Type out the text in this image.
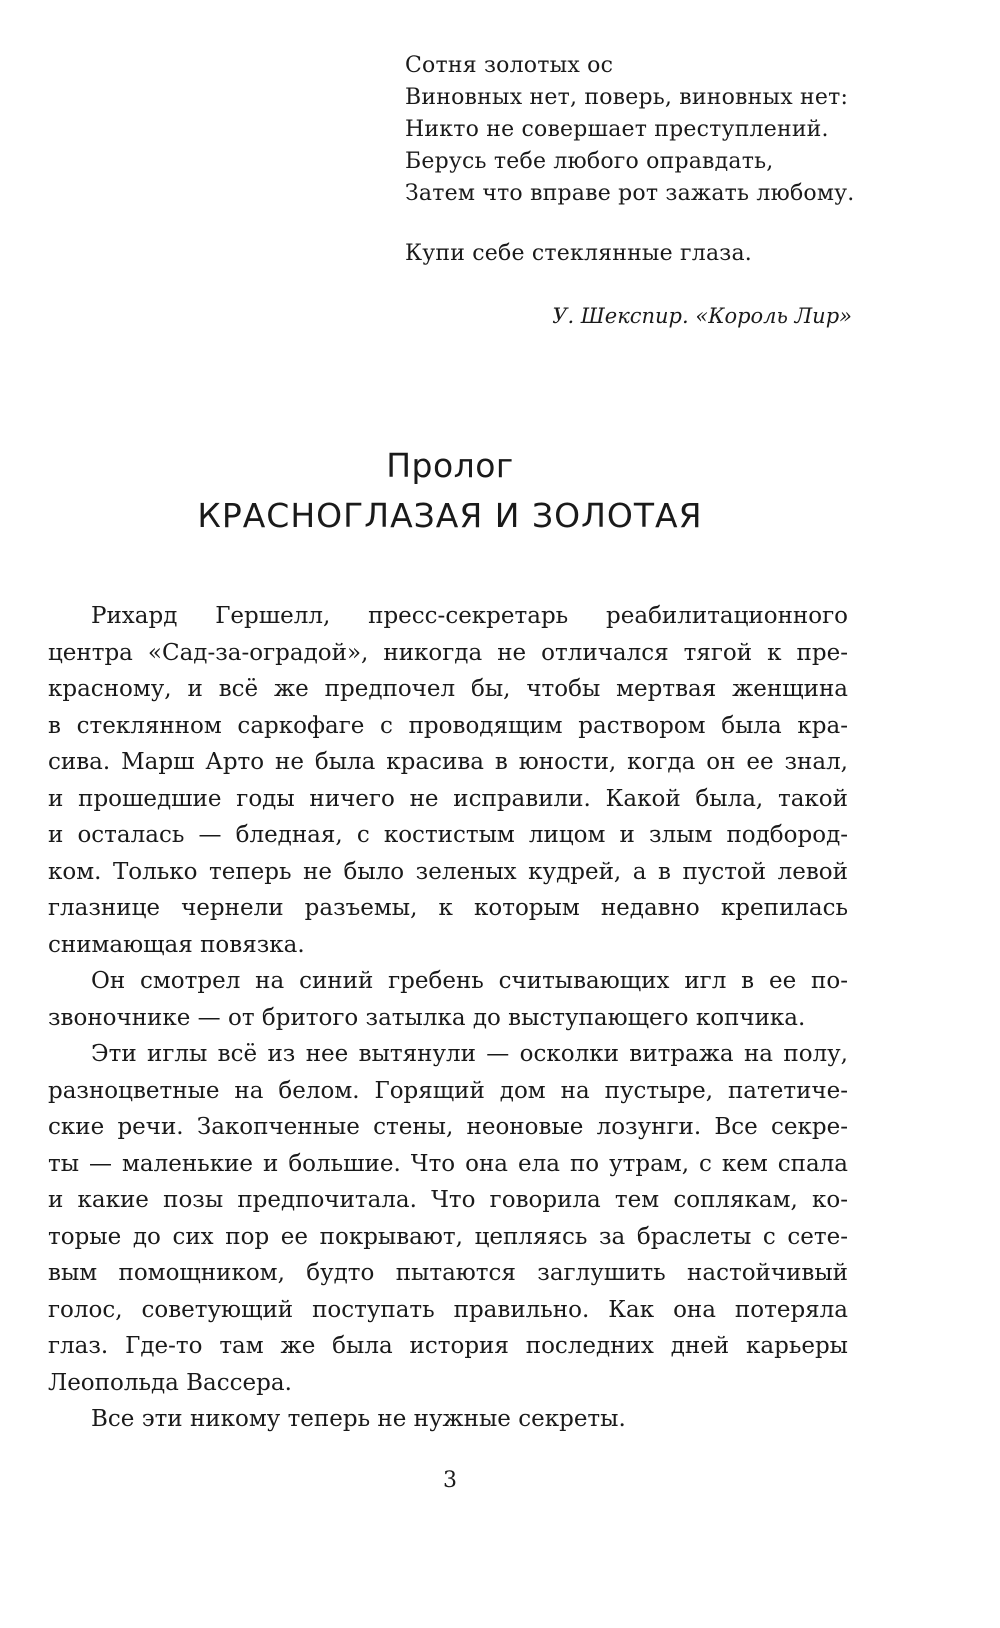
Сотня золотых ос
Виновных нет, поверь, виновных нет:
Никто не совершает преступлений.
Берусь тебе любого оправдать,
Затем что вправе рот зажать любому.
Купи себе стеклянные глаза.
У. Шекспир. «Король Лир»
Пролог
КРАСНОГЛАЗАЯ И ЗОЛОТАЯ

Рихард Гершелл, пресс-секретарь реабилитационного
центра «Сад-за-оградой», никогда не отличался тягой к пре-
красному, и всё же предпочел бы, чтобы мертвая женщина
в стеклянном саркофаге с проводящим раствором была кра-
сива. Марш Арто не была красива в юности, когда он ее знал,
и прошедшие годы ничего не исправили. Какой была, такой
и осталась — бледная, с костистым лицом и злым подбород-
ком. Только теперь не было зеленых кудрей, а в пустой левой
глазнице чернели разъемы, к которым недавно крепилась
снимающая повязка.

Он смотрел на синий гребень считывающих игл в ее по-
звоночнике — от бритого затылка до выступающего копчика.

Эти иглы всё из нее вытянули — осколки витража на полу,
разноцветные на белом. Горящий дом на пустыре, патетиче-
ские речи. Закопченные стены, неоновые лозунги. Все секре-
ты — маленькие и большие. Что она ела по утрам, с кем спала
и какие позы предпочитала. Что говорила тем соплякам, ко-
торые до сих пор ее покрывают, цепляясь за браслеты с сете-
вым помощником, будто пытаются заглушить настойчивый
голос, советующий поступать правильно. Как она потеряла
глаз. Где-то там же была история последних дней карьеры
Леопольда Вассера.

Все эти никому теперь не нужные секреты.

3
